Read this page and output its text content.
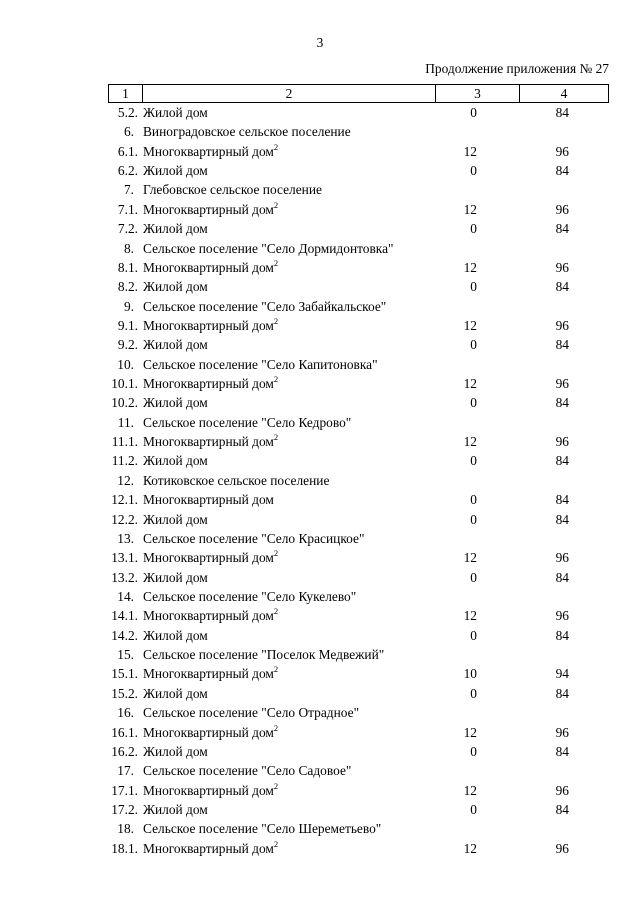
3
Продолжение приложения № 27
1	2	3	4
5.2. Жилой дом	0	84
6. Виноградовское сельское поселение
6.1. Многоквартирный дом$^2$	12	96
6.2. Жилой дом	0	84
7. Глебовское сельское поселение
7.1. Многоквартирный дом$^2$	12	96
7.2. Жилой дом	0	84
8. Сельское поселение "Село Дормидонтовка"
8.1. Многоквартирный дом$^2$	12	96
8.2. Жилой дом	0	84
9. Сельское поселение "Село Забайкальское"
9.1. Многоквартирный дом$^2$	12	96
9.2. Жилой дом	0	84
10. Сельское поселение "Село Капитоновка"
10.1. Многоквартирный дом$^2$	12	96
10.2. Жилой дом	0	84
11. Сельское поселение "Село Кедрово"
11.1. Многоквартирный дом$^2$	12	96
11.2. Жилой дом	0	84
12. Котиковское сельское поселение
12.1. Многоквартирный дом	0	84
12.2. Жилой дом	0	84
13. Сельское поселение "Село Красицкое"
13.1. Многоквартирный дом$^2$	12	96
13.2. Жилой дом	0	84
14. Сельское поселение "Село Кукелево"
14.1. Многоквартирный дом$^2$	12	96
14.2. Жилой дом	0	84
15. Сельское поселение "Поселок Медвежий"
15.1. Многоквартирный дом$^2$	10	94
15.2. Жилой дом	0	84
16. Сельское поселение "Село Отрадное"
16.1. Многоквартирный дом$^2$	12	96
16.2. Жилой дом	0	84
17. Сельское поселение "Село Садовое"
17.1. Многоквартирный дом$^2$	12	96
17.2. Жилой дом	0	84
18. Сельское поселение "Село Шереметьево"
18.1. Многоквартирный дом$^2$	12	96
